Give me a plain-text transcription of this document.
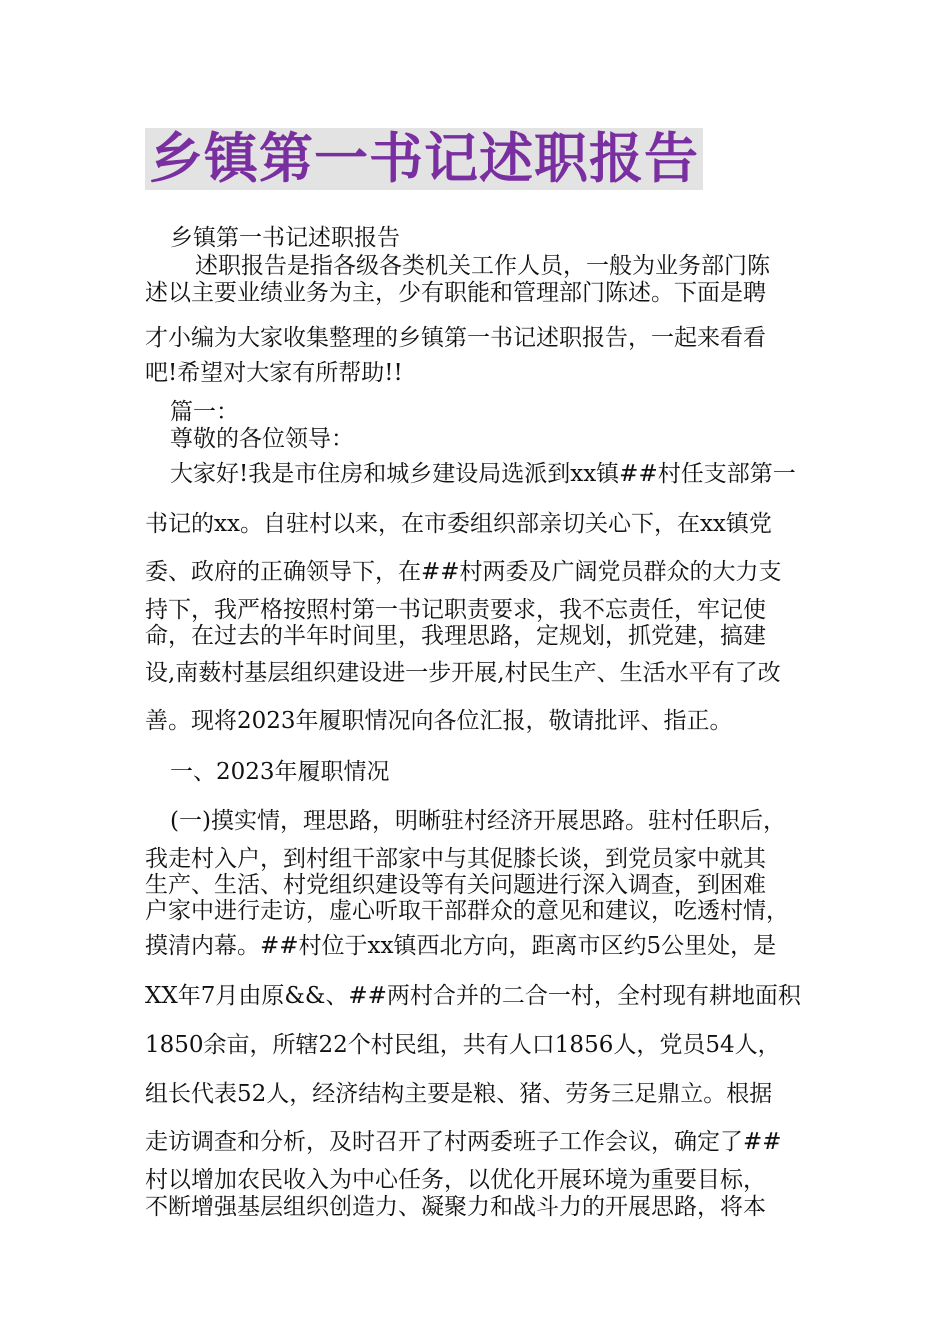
乡镇第一书记述职报告
乡镇第一书记述职报告
述职报告是指各级各类机关工作人员，一般为业务部门陈
述以主要业绩业务为主，少有职能和管理部门陈述。下面是聘
才小编为大家收集整理的乡镇第一书记述职报告，一起来看看
吧!希望对大家有所帮助!!
篇一：
尊敬的各位领导：
大家好!我是市住房和城乡建设局选派到xx镇##村任支部第一
书记的xx。自驻村以来，在市委组织部亲切关心下，在xx镇党
委、政府的正确领导下，在##村两委及广阔党员群众的大力支
持下，我严格按照村第一书记职责要求，我不忘责任，牢记使
命，在过去的半年时间里，我理思路，定规划，抓党建，搞建
设,南薮村基层组织建设进一步开展,村民生产、生活水平有了改
善。现将2023年履职情况向各位汇报，敬请批评、指正。
一、2023年履职情况
(一)摸实情，理思路，明晰驻村经济开展思路。驻村任职后，
我走村入户，到村组干部家中与其促膝长谈，到党员家中就其
生产、生活、村党组织建设等有关问题进行深入调查，到困难
户家中进行走访，虚心听取干部群众的意见和建议，吃透村情，
摸清内幕。##村位于xx镇西北方向，距离市区约5公里处，是
XX年7月由原&&、##两村合并的二合一村，全村现有耕地面积
1850余亩，所辖22个村民组，共有人口1856人，党员54人，
组长代表52人，经济结构主要是粮、猪、劳务三足鼎立。根据
走访调查和分析，及时召开了村两委班子工作会议，确定了##
村以增加农民收入为中心任务，以优化开展环境为重要目标，
不断增强基层组织创造力、凝聚力和战斗力的开展思路，将本
